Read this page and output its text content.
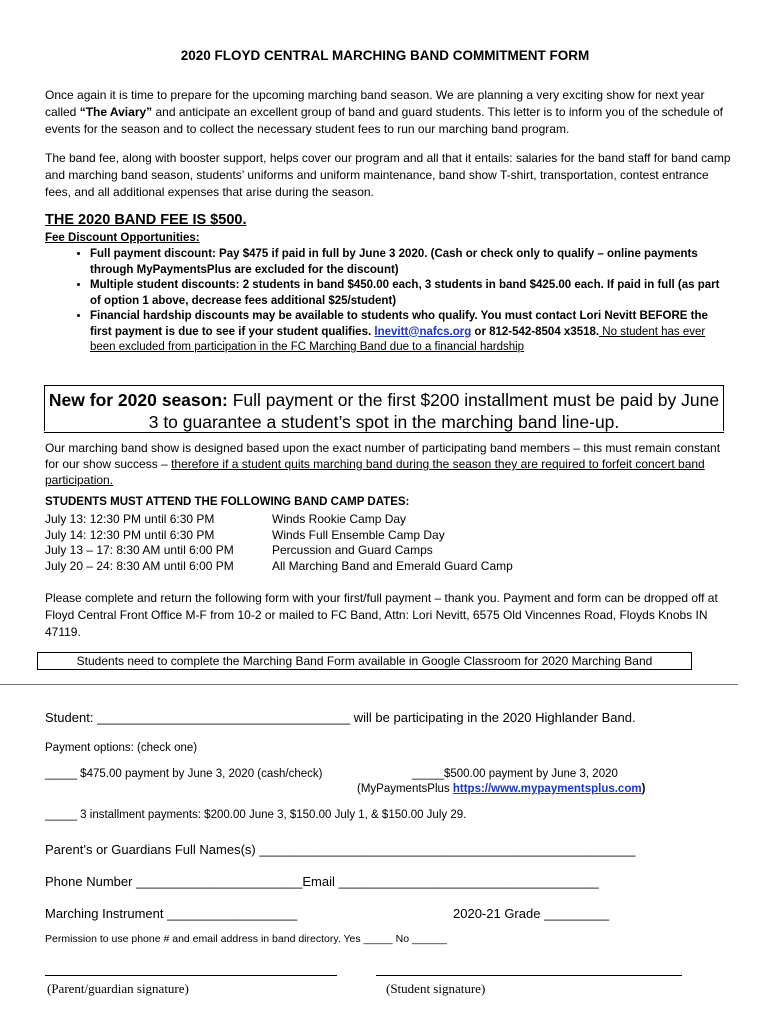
2020 FLOYD CENTRAL MARCHING BAND COMMITMENT FORM
Once again it is time to prepare for the upcoming marching band season. We are planning a very exciting show for next year called “The Aviary” and anticipate an excellent group of band and guard students. This letter is to inform you of the schedule of events for the season and to collect the necessary student fees to run our marching band program.
The band fee, along with booster support, helps cover our program and all that it entails: salaries for the band staff for band camp and marching band season, students’ uniforms and uniform maintenance, band show T-shirt, transportation, contest entrance fees, and all additional expenses that arise during the season.
THE 2020 BAND FEE IS $500.
Fee Discount Opportunities:
• Full payment discount: Pay $475 if paid in full by June 3 2020. (Cash or check only to qualify – online payments through MyPaymentsPlus are excluded for the discount)
• Multiple student discounts: 2 students in band $450.00 each, 3 students in band $425.00 each. If paid in full (as part of option 1 above, decrease fees additional $25/student)
• Financial hardship discounts may be available to students who qualify. You must contact Lori Nevitt BEFORE the first payment is due to see if your student qualifies. lnevitt@nafcs.org or 812-542-8504 x3518. No student has ever been excluded from participation in the FC Marching Band due to a financial hardship
New for 2020 season: Full payment or the first $200 installment must be paid by June 3 to guarantee a student’s spot in the marching band line-up.
Our marching band show is designed based upon the exact number of participating band members – this must remain constant for our show success – therefore if a student quits marching band during the season they are required to forfeit concert band participation.
STUDENTS MUST ATTEND THE FOLLOWING BAND CAMP DATES:
July 13: 12:30 PM until 6:30 PM	Winds Rookie Camp Day
July 14: 12:30 PM until 6:30 PM	Winds Full Ensemble Camp Day
July 13 – 17: 8:30 AM until 6:00 PM	Percussion and Guard Camps
July 20 – 24: 8:30 AM until 6:00 PM	All Marching Band and Emerald Guard Camp
Please complete and return the following form with your first/full payment – thank you. Payment and form can be dropped off at Floyd Central Front Office M-F from 10-2 or mailed to FC Band, Attn: Lori Nevitt, 6575 Old Vincennes Road, Floyds Knobs IN 47119.
Students need to complete the Marching Band Form available in Google Classroom for 2020 Marching Band
Student: ___________________________________ will be participating in the 2020 Highlander Band.
Payment options: (check one)
_____ $475.00 payment by June 3, 2020 (cash/check)	_____$500.00 payment by June 3, 2020
(MyPaymentsPlus https://www.mypaymentsplus.com)
_____ 3 installment payments: $200.00 June 3, $150.00 July 1, & $150.00 July 29.
Parent’s or Guardians Full Names(s) ____________________________________________________
Phone Number _______________________Email ____________________________________
Marching Instrument __________________	2020-21 Grade _________
Permission to use phone # and email address in band directory. Yes _____ No ______
(Parent/guardian signature)	(Student signature)
